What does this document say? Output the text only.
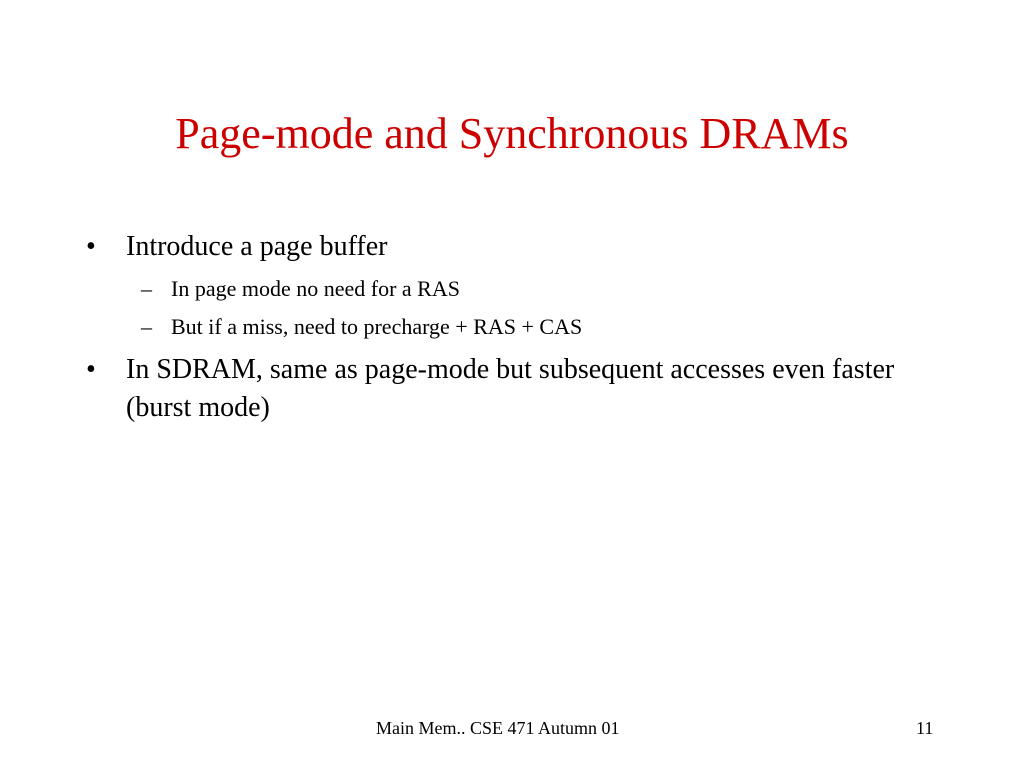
Page-mode and Synchronous DRAMs
•	Introduce a page buffer
– In page mode no need for a RAS
– But if a miss, need to precharge + RAS + CAS
•	In SDRAM, same as page-mode but subsequent accesses even faster (burst mode)
Main Mem.. CSE 471 Autumn 01	11
